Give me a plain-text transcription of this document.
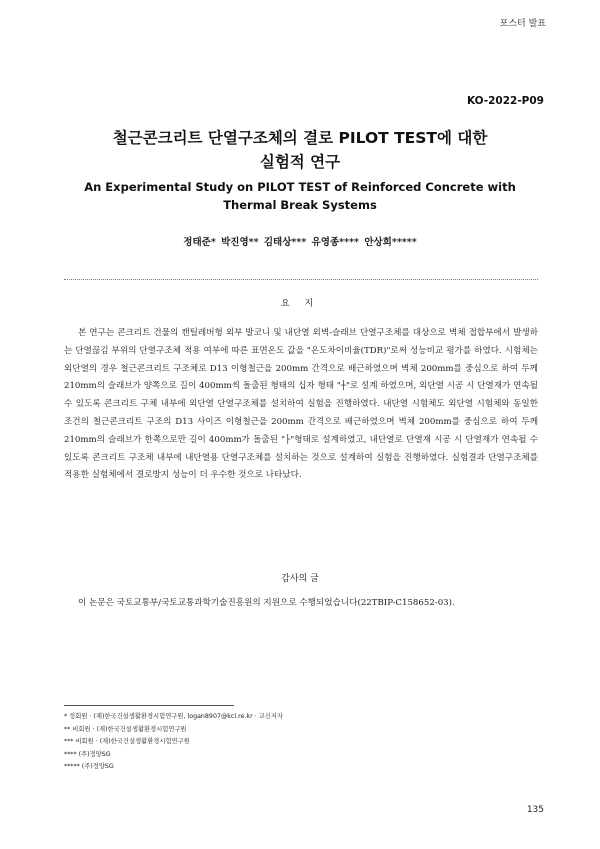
포스터 발표
KO-2022-P09
철근콘크리트 단열구조체의 결로 PILOT TEST에 대한
실험적 연구
An Experimental Study on PILOT TEST of Reinforced Concrete with
Thermal Break Systems
정태준* 박진영** 김태상*** 유영종**** 안상희*****
요 지

본 연구는 콘크리트 건물의 캔틸레버형 외부 발코니 및 내단열 외벽-슬래브 단열구조체를 대상으로 벽체 접합부에서 발생하는 단열끊김 부위의 단열구조체 적용 여부에 따른 표면온도 값을 "온도차이비율(TDR)"로써 성능비교 평가를 하였다. 시험체는 외단열의 경우 철근콘크리트 구조체로 D13 이형철근을 200mm 간격으로 배근하였으며 벽체 200mm를 중심으로 하여 두께 210mm의 슬래브가 양쪽으로 길이 400mm씩 돌출된 형태의 십자 형태 "┼"로 설계 하였으며, 외단열 시공 시 단열재가 연속될 수 있도록 콘크리트 구체 내부에 외단열 단열구조체를 설치하여 실험을 진행하였다. 내단열 시험체도 외단열 시험체와 동일한 조건의 철근콘크리트 구조의 D13 사이즈 이형철근을 200mm 간격으로 배근하였으며 벽체 200mm를 중심으로 하여 두께 210mm의 슬래브가 한쪽으로만 길이 400mm가 돌출된 "├"형태로 설계하였고, 내단열로 단열재 시공 시 단열재가 연속될 수 있도록 콘크리트 구조체 내부에 내단열용 단열구조체를 설치하는 것으로 설계하여 실험을 진행하였다. 실험결과 단열구조체를 적용한 실험체에서 결로방지 성능이 더 우수한 것으로 나타났다.

감사의 글

이 논문은 국토교통부/국토교통과학기술진흥원의 지원으로 수행되었습니다(22TBIP-C158652-03).

* 정회원 · (재)한국건설생활환경시험연구원, logan8907@kcl.re.kr · 교신저자
** 비회원 · (재)한국건설생활환경시험연구원
*** 비회원 · (재)한국건설생활환경시험연구원
**** (주)정양SG
***** (주)정양SG
135
